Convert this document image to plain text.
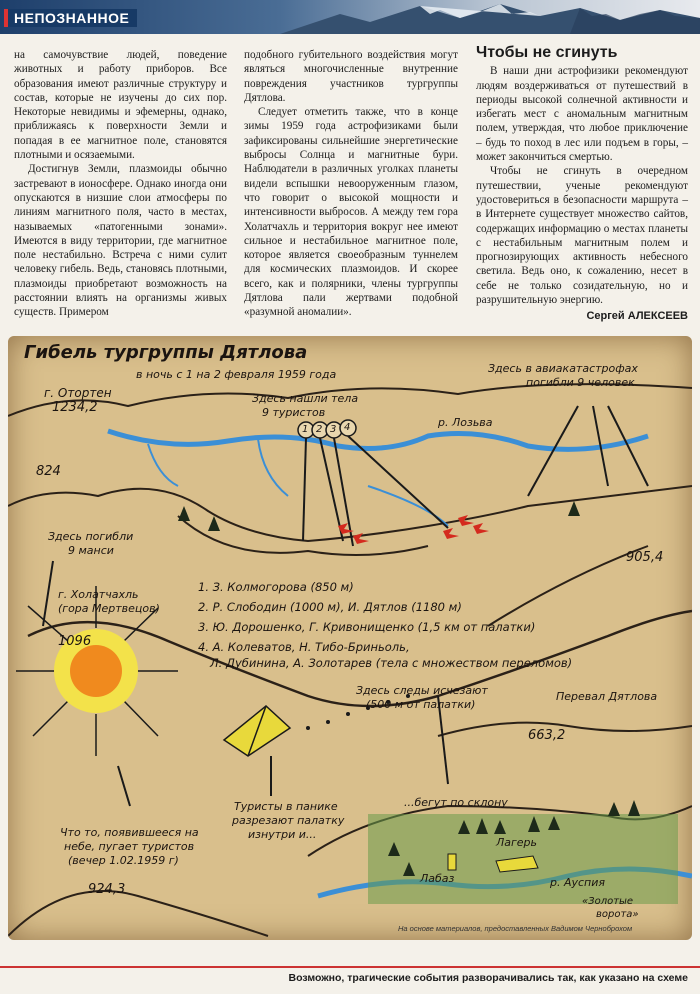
НЕПОЗНАННОЕ

на самочувствие людей, поведение животных и работу приборов. Все образования имеют различные структуру и состав, которые не изучены до сих пор. Некоторые невидимы и эфемерны, однако, приближаясь к поверхности Земли и попадая в ее магнитное поле, становятся плотными и осязаемыми.

Достигнув Земли, плазмоиды обычно застревают в ионосфере. Однако иногда они опускаются в низшие слои атмосферы по линиям магнитного поля, часто в местах, называемых «патогенными зонами». Имеются в виду территории, где магнитное поле нестабильно. Встреча с ними сулит человеку гибель. Ведь, становясь плотными, плазмоиды приобретают возможность на расстоянии влиять на организмы живых существ. Примером

подобного губительного воздействия могут являться многочисленные внутренние повреждения участников тургруппы Дятлова.

Следует отметить также, что в конце зимы 1959 года астрофизиками были зафиксированы сильнейшие энергетические выбросы Солнца и магнитные бури. Наблюдатели в различных уголках планеты видели вспышки невооруженным глазом, что говорит о высокой мощности и интенсивности выбросов. А между тем гора Холатчахль и территория вокруг нее имеют сильное и нестабильное магнитное поле, которое является своеобразным туннелем для космических плазмоидов. И скорее всего, как и полярники, члены тургруппы Дятлова пали жертвами подобной «разумной аномалии».

Чтобы не сгинуть

В наши дни астрофизики рекомендуют людям воздерживаться от путешествий в периоды высокой солнечной активности и избегать мест с аномальным магнитным полем, утверждая, что любое приключение – будь то поход в лес или подъем в горы, – может закончиться смертью.

Чтобы не сгинуть в очередном путешествии, ученые рекомендуют удостовериться в безопасности маршрута – в Интернете существует множество сайтов, содержащих информацию о местах планеты с нестабильным магнитным полем и прогнозирующих активность небесного светила. Ведь оно, к сожалению, несет в себе не только созидательную, но и разрушительную энергию.

Сергей АЛЕКСЕЕВ
Гибель тургруппы Дятлова
в ночь с 1 на 2 февраля 1959 года
г. Отортен
1234,2
824
Здесь нашли тела
9 туристов
1 2 3 4	р. Лозьва
Здесь в авиакатастрофах
погибли 9 человек
Здесь погибли
9 манси	905,4
г. Холатчахль
(гора Мертвецов)
1096
1. З. Колмогорова (850 м)
2. Р. Слободин (1000 м), И. Дятлов (1180 м)
3. Ю. Дорошенко, Г. Кривонищенко (1,5 км от палатки)
4. А. Колеватов, Н. Тибо-Бриньоль,
Л. Дубинина, А. Золотарев (тела с множеством переломов)
Здесь следы исчезают
(500 м от палатки)
Перевал Дятлова
663,2
Туристы в панике
разрезают палатку
изнутри и...
...бегут по склону
Что то, появившееся на
небе, пугает туристов
(вечер 1.02.1959 г)
924,3
Лагерь
Лабаз	р. Ауспия
«Золотые
ворота»
На основе материалов, предоставленных Вадимом Черноброхом
Возможно, трагические события разворачивались так, как указано на схеме
